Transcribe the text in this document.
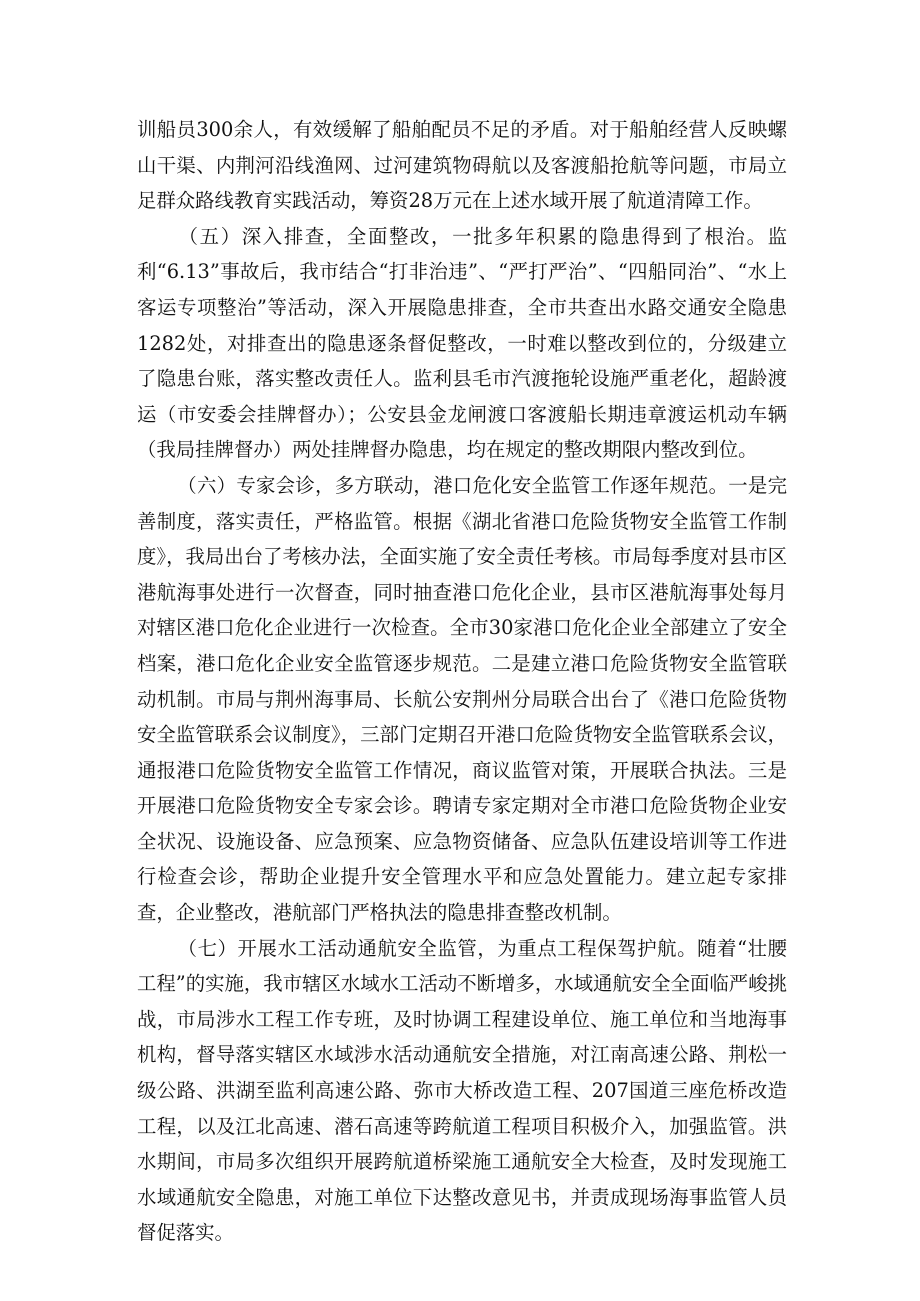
训船员300余人，有效缓解了船舶配员不足的矛盾。对于船舶经营人反映螺山干渠、内荆河沿线渔网、过河建筑物碍航以及客渡船抢航等问题，市局立足群众路线教育实践活动，筹资28万元在上述水域开展了航道清障工作。

（五）深入排查，全面整改，一批多年积累的隐患得到了根治。监利“6.13”事故后，我市结合“打非治违”、“严打严治”、“四船同治”、“水上客运专项整治”等活动，深入开展隐患排查，全市共查出水路交通安全隐患1282处，对排查出的隐患逐条督促整改，一时难以整改到位的，分级建立了隐患台账，落实整改责任人。监利县毛市汽渡拖轮设施严重老化，超龄渡运（市安委会挂牌督办）；公安县金龙闸渡口客渡船长期违章渡运机动车辆（我局挂牌督办）两处挂牌督办隐患，均在规定的整改期限内整改到位。

（六）专家会诊，多方联动，港口危化安全监管工作逐年规范。一是完善制度，落实责任，严格监管。根据《湖北省港口危险货物安全监管工作制度》，我局出台了考核办法，全面实施了安全责任考核。市局每季度对县市区港航海事处进行一次督查，同时抽查港口危化企业，县市区港航海事处每月对辖区港口危化企业进行一次检查。全市30家港口危化企业全部建立了安全档案，港口危化企业安全监管逐步规范。二是建立港口危险货物安全监管联动机制。市局与荆州海事局、长航公安荆州分局联合出台了《港口危险货物安全监管联系会议制度》，三部门定期召开港口危险货物安全监管联系会议，通报港口危险货物安全监管工作情况，商议监管对策，开展联合执法。三是开展港口危险货物安全专家会诊。聘请专家定期对全市港口危险货物企业安全状况、设施设备、应急预案、应急物资储备、应急队伍建设培训等工作进行检查会诊，帮助企业提升安全管理水平和应急处置能力。建立起专家排查，企业整改，港航部门严格执法的隐患排查整改机制。

（七）开展水工活动通航安全监管，为重点工程保驾护航。随着“壮腰工程”的实施，我市辖区水域水工活动不断增多，水域通航安全全面临严峻挑战，市局涉水工程工作专班，及时协调工程建设单位、施工单位和当地海事机构，督导落实辖区水域涉水活动通航安全措施，对江南高速公路、荆松一级公路、洪湖至监利高速公路、弥市大桥改造工程、207国道三座危桥改造工程，以及江北高速、潜石高速等跨航道工程项目积极介入，加强监管。洪水期间，市局多次组织开展跨航道桥梁施工通航安全大检查，及时发现施工水域通航安全隐患，对施工单位下达整改意见书，并责成现场海事监管人员督促落实。
